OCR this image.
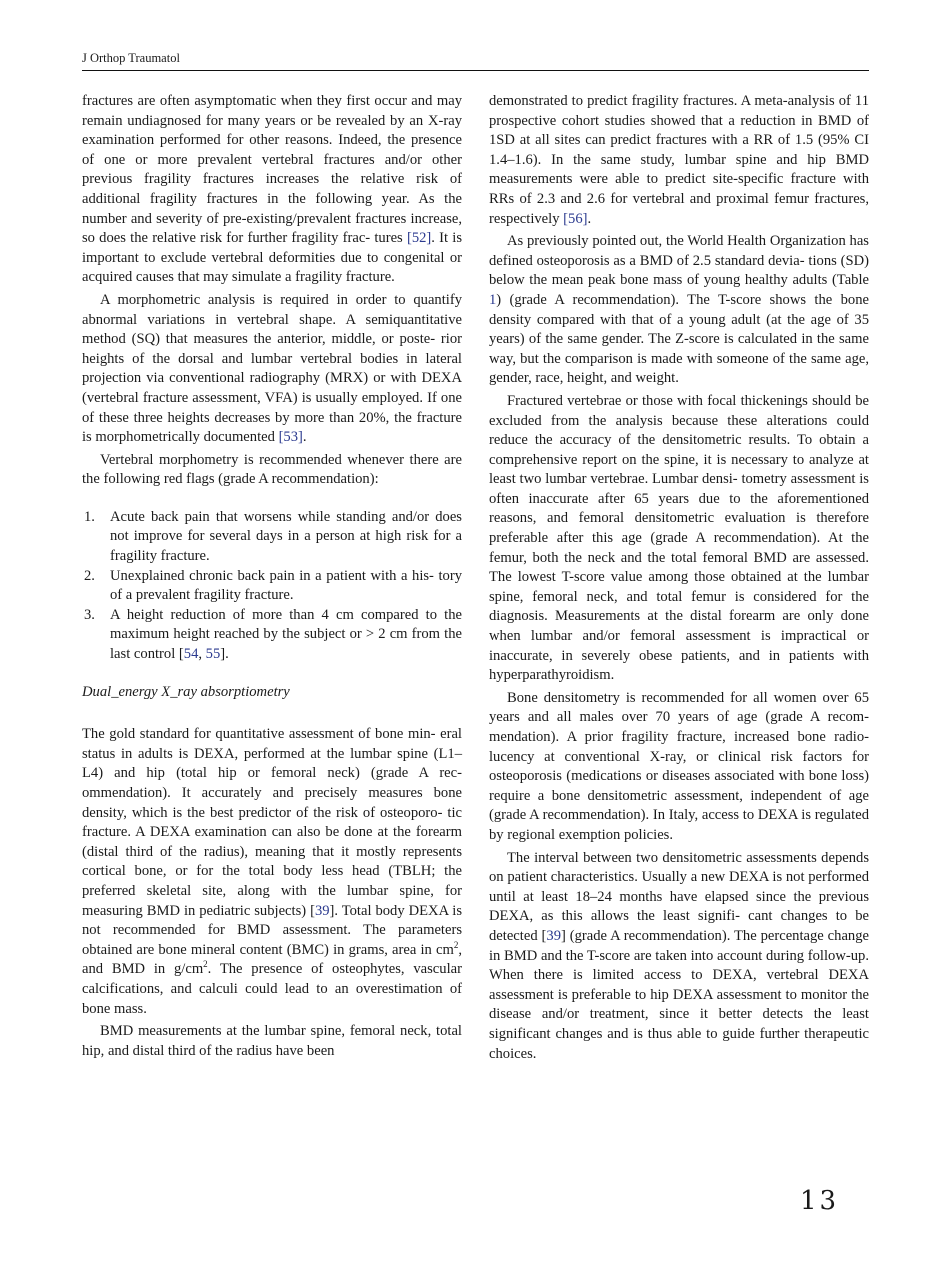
J Orthop Traumatol

fractures are often asymptomatic when they first occur and may remain undiagnosed for many years or be revealed by an X-ray examination performed for other reasons. Indeed, the presence of one or more prevalent vertebral fractures and/or other previous fragility fractures increases the relative risk of additional fragility fractures in the following year. As the number and severity of pre-existing/prevalent fractures increase, so does the relative risk for further fragility frac- tures [52]. It is important to exclude vertebral deformities due to congenital or acquired causes that may simulate a fragility fracture.

A morphometric analysis is required in order to quantify abnormal variations in vertebral shape. A semiquantitative method (SQ) that measures the anterior, middle, or poste- rior heights of the dorsal and lumbar vertebral bodies in lateral projection via conventional radiography (MRX) or with DEXA (vertebral fracture assessment, VFA) is usually employed. If one of these three heights decreases by more than 20%, the fracture is morphometrically documented [53].

Vertebral morphometry is recommended whenever there are the following red flags (grade A recommendation):

1. Acute back pain that worsens while standing and/or does not improve for several days in a person at high risk for a fragility fracture.
2. Unexplained chronic back pain in a patient with a his- tory of a prevalent fragility fracture.
3. A height reduction of more than 4 cm compared to the maximum height reached by the subject or > 2 cm from the last control [54, 55].
Dual_energy X_ray absorptiometry

The gold standard for quantitative assessment of bone min- eral status in adults is DEXA, performed at the lumbar spine (L1–L4) and hip (total hip or femoral neck) (grade A rec- ommendation). It accurately and precisely measures bone density, which is the best predictor of the risk of osteoporo- tic fracture. A DEXA examination can also be done at the forearm (distal third of the radius), meaning that it mostly represents cortical bone, or for the total body less head (TBLH; the preferred skeletal site, along with the lumbar spine, for measuring BMD in pediatric subjects) [39]. Total body DEXA is not recommended for BMD assessment. The parameters obtained are bone mineral content (BMC) in grams, area in $cm^2$, and BMD in $g/cm^2$. The presence of osteophytes, vascular calcifications, and calculi could lead to an overestimation of bone mass.

BMD measurements at the lumbar spine, femoral neck, total hip, and distal third of the radius have been

demonstrated to predict fragility fractures. A meta-analysis of 11 prospective cohort studies showed that a reduction in BMD of 1SD at all sites can predict fractures with a RR of 1.5 (95% CI 1.4–1.6). In the same study, lumbar spine and hip BMD measurements were able to predict site-specific fracture with RRs of 2.3 and 2.6 for vertebral and proximal femur fractures, respectively [56].

As previously pointed out, the World Health Organization has defined osteoporosis as a BMD of 2.5 standard devia- tions (SD) below the mean peak bone mass of young healthy adults (Table 1) (grade A recommendation). The T-score shows the bone density compared with that of a young adult (at the age of 35 years) of the same gender. The Z-score is calculated in the same way, but the comparison is made with someone of the same age, gender, race, height, and weight.

Fractured vertebrae or those with focal thickenings should be excluded from the analysis because these alterations could reduce the accuracy of the densitometric results. To obtain a comprehensive report on the spine, it is necessary to analyze at least two lumbar vertebrae. Lumbar densi- tometry assessment is often inaccurate after 65 years due to the aforementioned reasons, and femoral densitometric evaluation is therefore preferable after this age (grade A recommendation). At the femur, both the neck and the total femoral BMD are assessed. The lowest T-score value among those obtained at the lumbar spine, femoral neck, and total femur is considered for the diagnosis. Measurements at the distal forearm are only done when lumbar and/or femoral assessment is impractical or inaccurate, in severely obese patients, and in patients with hyperparathyroidism.

Bone densitometry is recommended for all women over 65 years and all males over 70 years of age (grade A recom- mendation). A prior fragility fracture, increased bone radio- lucency at conventional X-ray, or clinical risk factors for osteoporosis (medications or diseases associated with bone loss) require a bone densitometric assessment, independent of age (grade A recommendation). In Italy, access to DEXA is regulated by regional exemption policies.

The interval between two densitometric assessments depends on patient characteristics. Usually a new DEXA is not performed until at least 18–24 months have elapsed since the previous DEXA, as this allows the least signifi- cant changes to be detected [39] (grade A recommendation). The percentage change in BMD and the T-score are taken into account during follow-up. When there is limited access to DEXA, vertebral DEXA assessment is preferable to hip DEXA assessment to monitor the disease and/or treatment, since it better detects the least significant changes and is thus able to guide further therapeutic choices.

13
